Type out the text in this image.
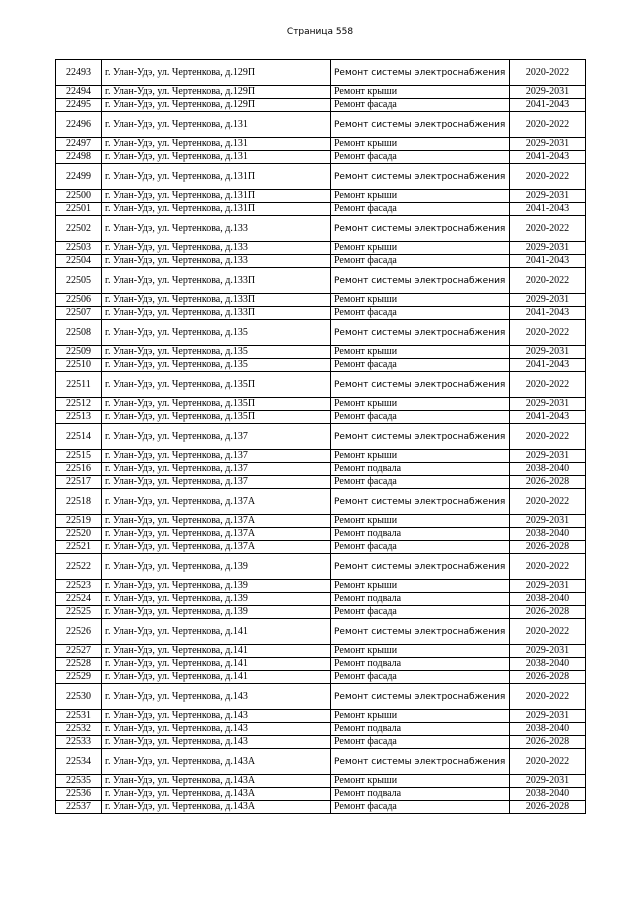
Страница 558
22493	г. Улан-Удэ, ул. Чертенкова, д.129П	Ремонт системы электроснабжения	2020-2022
22494	г. Улан-Удэ, ул. Чертенкова, д.129П	Ремонт крыши	2029-2031
22495	г. Улан-Удэ, ул. Чертенкова, д.129П	Ремонт фасада	2041-2043
22496	г. Улан-Удэ, ул. Чертенкова, д.131	Ремонт системы электроснабжения	2020-2022
22497	г. Улан-Удэ, ул. Чертенкова, д.131	Ремонт крыши	2029-2031
22498	г. Улан-Удэ, ул. Чертенкова, д.131	Ремонт фасада	2041-2043
22499	г. Улан-Удэ, ул. Чертенкова, д.131П	Ремонт системы электроснабжения	2020-2022
22500	г. Улан-Удэ, ул. Чертенкова, д.131П	Ремонт крыши	2029-2031
22501	г. Улан-Удэ, ул. Чертенкова, д.131П	Ремонт фасада	2041-2043
22502	г. Улан-Удэ, ул. Чертенкова, д.133	Ремонт системы электроснабжения	2020-2022
22503	г. Улан-Удэ, ул. Чертенкова, д.133	Ремонт крыши	2029-2031
22504	г. Улан-Удэ, ул. Чертенкова, д.133	Ремонт фасада	2041-2043
22505	г. Улан-Удэ, ул. Чертенкова, д.133П	Ремонт системы электроснабжения	2020-2022
22506	г. Улан-Удэ, ул. Чертенкова, д.133П	Ремонт крыши	2029-2031
22507	г. Улан-Удэ, ул. Чертенкова, д.133П	Ремонт фасада	2041-2043
22508	г. Улан-Удэ, ул. Чертенкова, д.135	Ремонт системы электроснабжения	2020-2022
22509	г. Улан-Удэ, ул. Чертенкова, д.135	Ремонт крыши	2029-2031
22510	г. Улан-Удэ, ул. Чертенкова, д.135	Ремонт фасада	2041-2043
22511	г. Улан-Удэ, ул. Чертенкова, д.135П	Ремонт системы электроснабжения	2020-2022
22512	г. Улан-Удэ, ул. Чертенкова, д.135П	Ремонт крыши	2029-2031
22513	г. Улан-Удэ, ул. Чертенкова, д.135П	Ремонт фасада	2041-2043
22514	г. Улан-Удэ, ул. Чертенкова, д.137	Ремонт системы электроснабжения	2020-2022
22515	г. Улан-Удэ, ул. Чертенкова, д.137	Ремонт крыши	2029-2031
22516	г. Улан-Удэ, ул. Чертенкова, д.137	Ремонт подвала	2038-2040
22517	г. Улан-Удэ, ул. Чертенкова, д.137	Ремонт фасада	2026-2028
22518	г. Улан-Удэ, ул. Чертенкова, д.137А	Ремонт системы электроснабжения	2020-2022
22519	г. Улан-Удэ, ул. Чертенкова, д.137А	Ремонт крыши	2029-2031
22520	г. Улан-Удэ, ул. Чертенкова, д.137А	Ремонт подвала	2038-2040
22521	г. Улан-Удэ, ул. Чертенкова, д.137А	Ремонт фасада	2026-2028
22522	г. Улан-Удэ, ул. Чертенкова, д.139	Ремонт системы электроснабжения	2020-2022
22523	г. Улан-Удэ, ул. Чертенкова, д.139	Ремонт крыши	2029-2031
22524	г. Улан-Удэ, ул. Чертенкова, д.139	Ремонт подвала	2038-2040
22525	г. Улан-Удэ, ул. Чертенкова, д.139	Ремонт фасада	2026-2028
22526	г. Улан-Удэ, ул. Чертенкова, д.141	Ремонт системы электроснабжения	2020-2022
22527	г. Улан-Удэ, ул. Чертенкова, д.141	Ремонт крыши	2029-2031
22528	г. Улан-Удэ, ул. Чертенкова, д.141	Ремонт подвала	2038-2040
22529	г. Улан-Удэ, ул. Чертенкова, д.141	Ремонт фасада	2026-2028
22530	г. Улан-Удэ, ул. Чертенкова, д.143	Ремонт системы электроснабжения	2020-2022
22531	г. Улан-Удэ, ул. Чертенкова, д.143	Ремонт крыши	2029-2031
22532	г. Улан-Удэ, ул. Чертенкова, д.143	Ремонт подвала	2038-2040
22533	г. Улан-Удэ, ул. Чертенкова, д.143	Ремонт фасада	2026-2028
22534	г. Улан-Удэ, ул. Чертенкова, д.143А	Ремонт системы электроснабжения	2020-2022
22535	г. Улан-Удэ, ул. Чертенкова, д.143А	Ремонт крыши	2029-2031
22536	г. Улан-Удэ, ул. Чертенкова, д.143А	Ремонт подвала	2038-2040
22537	г. Улан-Удэ, ул. Чертенкова, д.143А	Ремонт фасада	2026-2028
